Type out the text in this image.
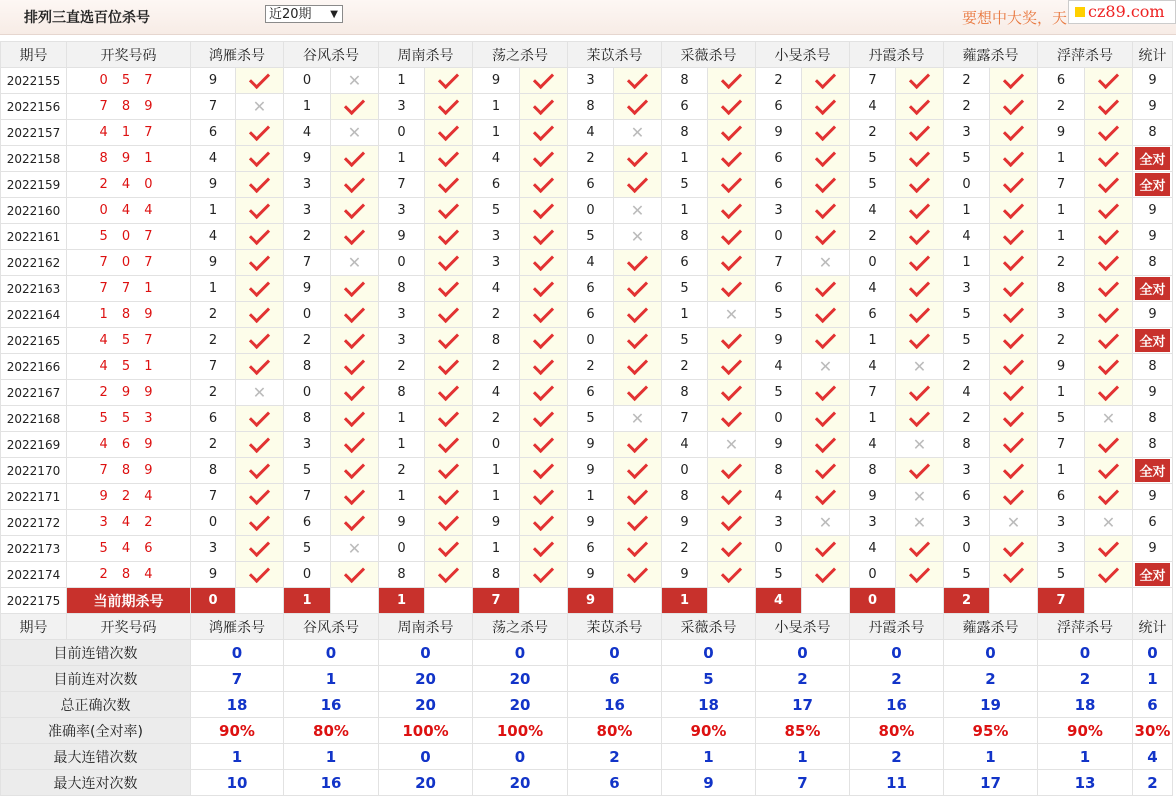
排列三直选百位杀号	近20期 ▼	要想中大奖，天	cz89.com
期号	开奖号码	鸿雁杀号		谷风杀号		周南杀号		荡之杀号		茉苡杀号		采薇杀号		小旻杀号		丹霞杀号		蕹露杀号		浮萍杀号		统计
2022155	0 5 7	9		0	✕	1		9		3		8		2		7		2		6		9
2022156	7 8 9	7	✕	1		3		1		8		6		6		4		2		2		9
2022157	4 1 7	6		4	✕	0		1		4	✕	8		9		2		3		9		8
2022158	8 9 1	4		9		1		4		2		1		6		5		5		1		全对
2022159	2 4 0	9		3		7		6		6		5		6		5		0		7		全对
2022160	0 4 4	1		3		3		5		0	✕	1		3		4		1		1		9
2022161	5 0 7	4		2		9		3		5	✕	8		0		2		4		1		9
2022162	7 0 7	9		7	✕	0		3		4		6		7	✕	0		1		2		8
2022163	7 7 1	1		9		8		4		6		5		6		4		3		8		全对
2022164	1 8 9	2		0		3		2		6		1	✕	5		6		5		3		9
2022165	4 5 7	2		2		3		8		0		5		9		1		5		2		全对
2022166	4 5 1	7		8		2		2		2		2		4	✕	4	✕	2		9		8
2022167	2 9 9	2	✕	0		8		4		6		8		5		7		4		1		9
2022168	5 5 3	6		8		1		2		5	✕	7		0		1		2		5	✕	8
2022169	4 6 9	2		3		1		0		9		4	✕	9		4	✕	8		7		8
2022170	7 8 9	8		5		2		1		9		0		8		8		3		1		全对
2022171	9 2 4	7		7		1		1		1		8		4		9	✕	6		6		9
2022172	3 4 2	0		6		9		9		9		9		3	✕	3	✕	3	✕	3	✕	6
2022173	5 4 6	3		5	✕	0		1		6		2		0		4		0		3		9
2022174	2 8 4	9		0		8		8		9		9		5		0		5		5		全对
2022175	当前期杀号	0		1		1		7		9		1		4		0		2		7		
期号	开奖号码	鸿雁杀号		谷风杀号		周南杀号		荡之杀号		茉苡杀号		采薇杀号		小旻杀号		丹霞杀号		蕹露杀号		浮萍杀号		统计
目前连错次数		0		0		0		0		0		0		0		0		0		0		0
目前连对次数		7		1		20		20		6		5		2		2		2		2		1
总正确次数		18		16		20		20		16		18		17		16		19		18		6
准确率(全对率)		90%		80%		100%		100%		80%		90%		85%		80%		95%		90%		30%
最大连错次数		1		1		0		0		2		1		1		2		1		1		4
最大连对次数		10		16		20		20		6		9		7		11		17		13		2
